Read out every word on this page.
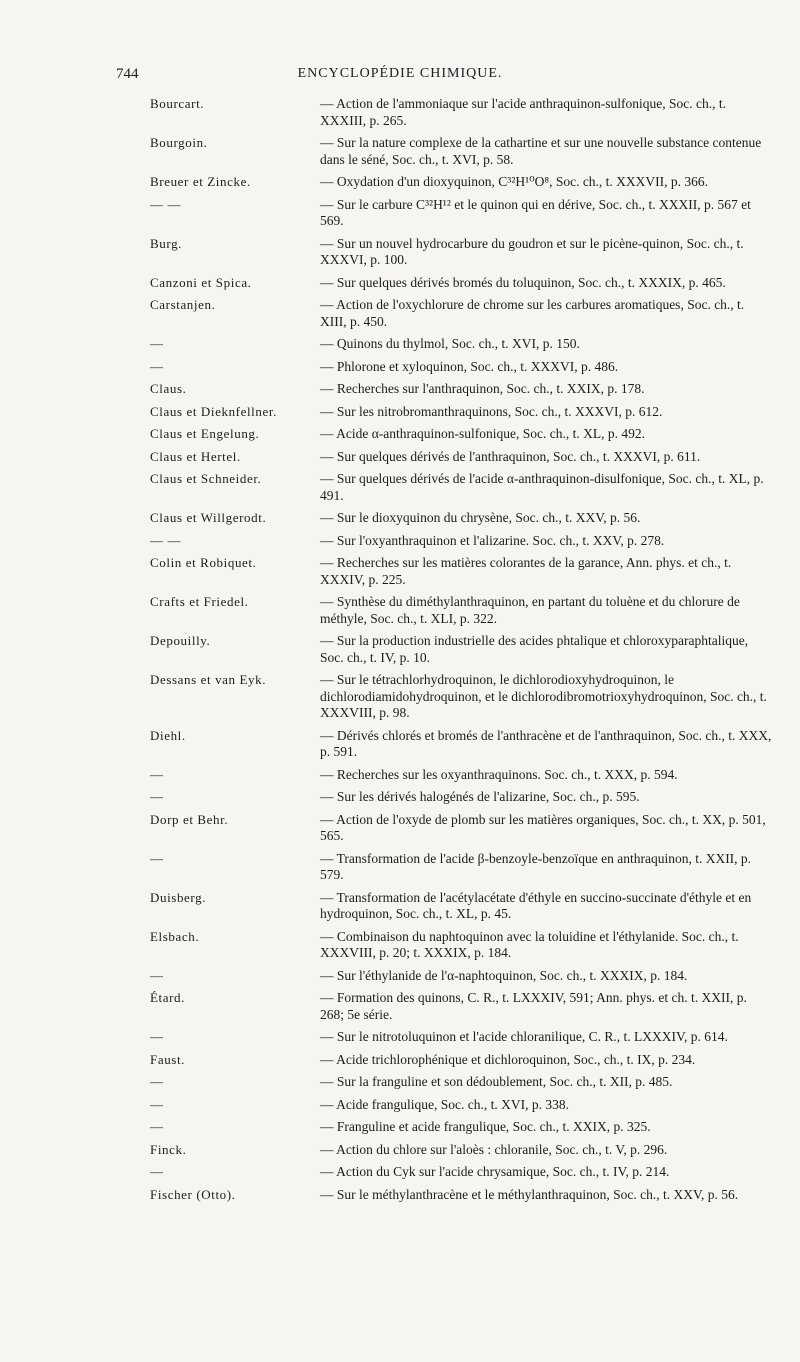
744	ENCYCLOPÉDIE CHIMIQUE.
Bourcart.	— Action de l'ammoniaque sur l'acide anthraquinon-sulfonique, Soc. ch., t. XXXIII, p. 265.
Bourgoin.	— Sur la nature complexe de la cathartine et sur une nouvelle substance contenue dans le séné, Soc. ch., t. XVI, p. 58.
Breuer et Zincke.	— Oxydation d'un dioxyquinon, C³²H¹⁰O⁸, Soc. ch., t. XXXVII, p. 366.
— —	— Sur le carbure C³²H¹² et le quinon qui en dérive, Soc. ch., t. XXXII, p. 567 et 569.
Burg.	— Sur un nouvel hydrocarbure du goudron et sur le picène-quinon, Soc. ch., t. XXXVI, p. 100.
Canzoni et Spica.	— Sur quelques dérivés bromés du toluquinon, Soc. ch., t. XXXIX, p. 465.
Carstanjen.	— Action de l'oxychlorure de chrome sur les carbures aromatiques, Soc. ch., t. XIII, p. 450.
—	— Quinons du thylmol, Soc. ch., t. XVI, p. 150.
—	— Phlorone et xyloquinon, Soc. ch., t. XXXVI, p. 486.
Claus.	— Recherches sur l'anthraquinon, Soc. ch., t. XXIX, p. 178.
Claus et Dieknfellner.	— Sur les nitrobromanthraquinons, Soc. ch., t. XXXVI, p. 612.
Claus et Engelung.	— Acide α-anthraquinon-sulfonique, Soc. ch., t. XL, p. 492.
Claus et Hertel.	— Sur quelques dérivés de l'anthraquinon, Soc. ch., t. XXXVI, p. 611.
Claus et Schneider.	— Sur quelques dérivés de l'acide α-anthraquinon-disulfonique, Soc. ch., t. XL, p. 491.
Claus et Willgerodt.	— Sur le dioxyquinon du chrysène, Soc. ch., t. XXV, p. 56.
— —	— Sur l'oxyanthraquinon et l'alizarine. Soc. ch., t. XXV, p. 278.
Colin et Robiquet.	— Recherches sur les matières colorantes de la garance, Ann. phys. et ch., t. XXXIV, p. 225.
Crafts et Friedel.	— Synthèse du diméthylanthraquinon, en partant du toluène et du chlorure de méthyle, Soc. ch., t. XLI, p. 322.
Depouilly.	— Sur la production industrielle des acides phtalique et chloroxyparaphtalique, Soc. ch., t. IV, p. 10.
Dessans et van Eyk.	— Sur le tétrachlorhydroquinon, le dichlorodioxyhydroquinon, le dichlorodiamidohydroquinon, et le dichlorodibromotrioxyhydroquinon, Soc. ch., t. XXXVIII, p. 98.
Diehl.	— Dérivés chlorés et bromés de l'anthracène et de l'anthraquinon, Soc. ch., t. XXX, p. 591.
—	— Recherches sur les oxyanthraquinons. Soc. ch., t. XXX, p. 594.
—	— Sur les dérivés halogénés de l'alizarine, Soc. ch., p. 595.
Dorp et Behr.	— Action de l'oxyde de plomb sur les matières organiques, Soc. ch., t. XX, p. 501, 565.
—	— Transformation de l'acide β-benzoyle-benzoïque en anthraquinon, t. XXII, p. 579.
Duisberg.	— Transformation de l'acétylacétate d'éthyle en succino-succinate d'éthyle et en hydroquinon, Soc. ch., t. XL, p. 45.
Elsbach.	— Combinaison du naphtoquinon avec la toluidine et l'éthylanide. Soc. ch., t. XXXVIII, p. 20; t. XXXIX, p. 184.
—	— Sur l'éthylanide de l'α-naphtoquinon, Soc. ch., t. XXXIX, p. 184.
Étard.	— Formation des quinons, C. R., t. LXXXIV, 591; Ann. phys. et ch. t. XXII, p. 268; 5e série.
—	— Sur le nitrotoluquinon et l'acide chloranilique, C. R., t. LXXXIV, p. 614.
Faust.	— Acide trichlorophénique et dichloroquinon, Soc., ch., t. IX, p. 234.
—	— Sur la franguline et son dédoublement, Soc. ch., t. XII, p. 485.
—	— Acide frangulique, Soc. ch., t. XVI, p. 338.
—	— Franguline et acide frangulique, Soc. ch., t. XXIX, p. 325.
Finck.	— Action du chlore sur l'aloès : chloranile, Soc. ch., t. V, p. 296.
—	— Action du Cyk sur l'acide chrysamique, Soc. ch., t. IV, p. 214.
Fischer (Otto).	— Sur le méthylanthracène et le méthylanthraquinon, Soc. ch., t. XXV, p. 56.
